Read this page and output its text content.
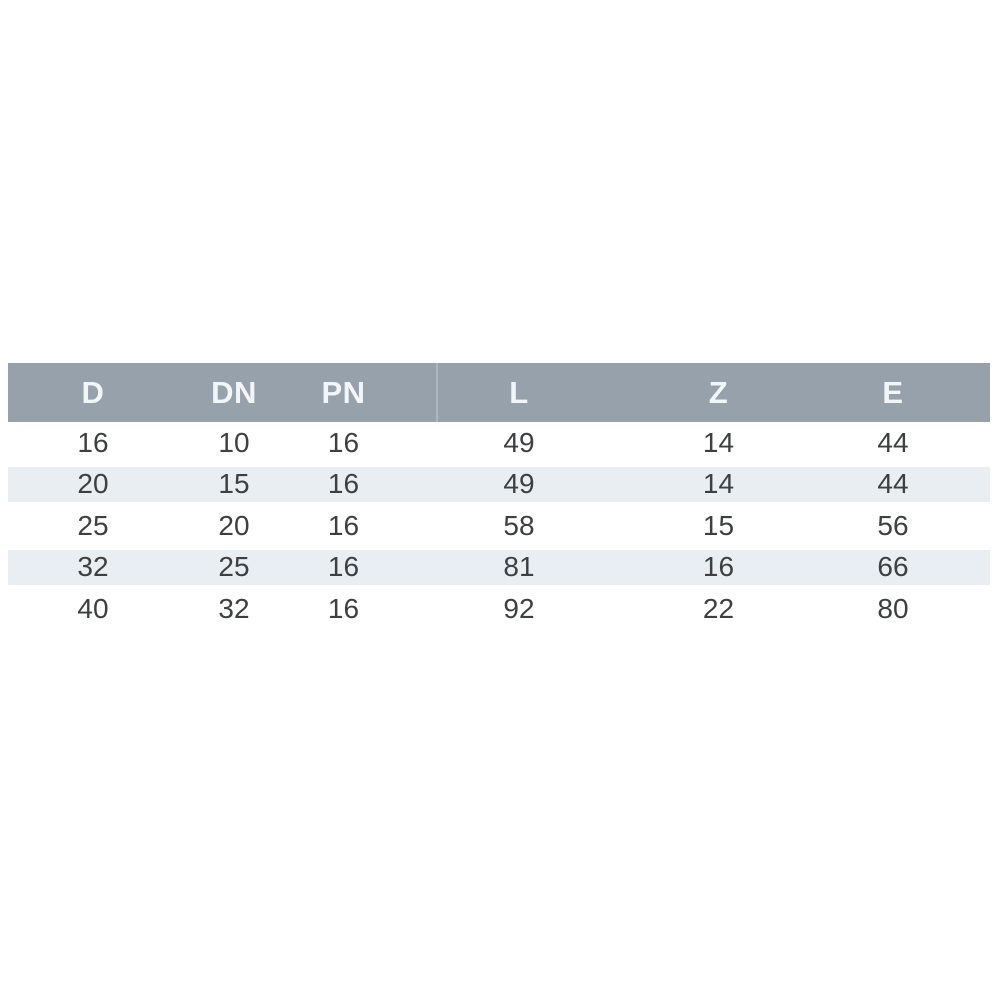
D	DN	PN	L	Z	E
16	10	16	49	14	44
20	15	16	49	14	44
25	20	16	58	15	56
32	25	16	81	16	66
40	32	16	92	22	80
